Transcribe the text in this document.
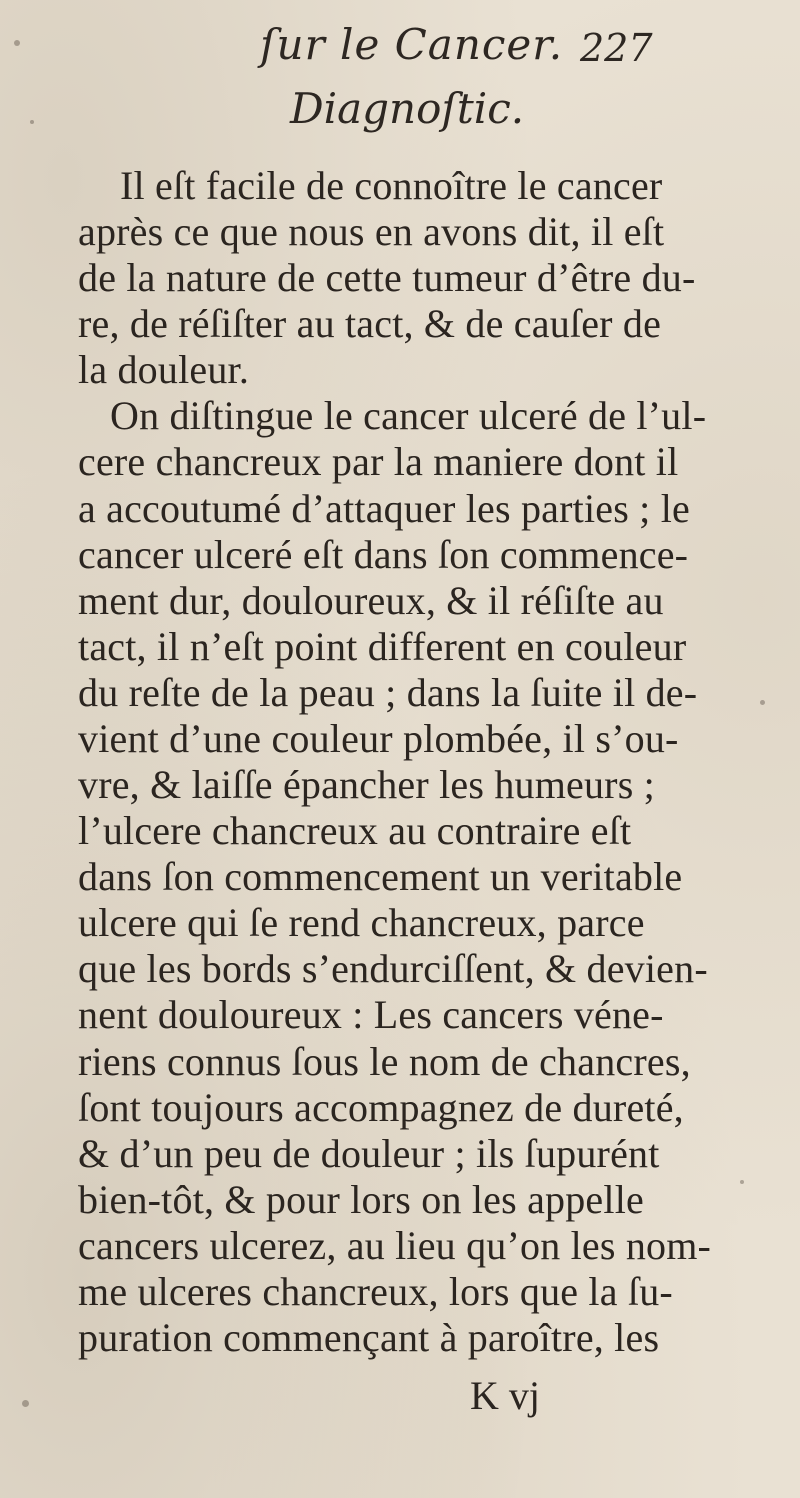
ſur le Cancer. 227
Diagnoſtic.
Il eſt facile de connoître le cancer
après ce que nous en avons dit, il eſt
de la nature de cette tumeur d’être du-
re, de réſiſter au tact, & de cauſer de
la douleur.
On diſtingue le cancer ulceré de l’ul-
cere chancreux par la maniere dont il
a accoutumé d’attaquer les parties ; le
cancer ulceré eſt dans ſon commence-
ment dur, douloureux, & il réſiſte au
tact, il n’eſt point different en couleur
du reſte de la peau ; dans la ſuite il de-
vient d’une couleur plombée, il s’ou-
vre, & laiſſe épancher les humeurs ;
l’ulcere chancreux au contraire eſt
dans ſon commencement un veritable
ulcere qui ſe rend chancreux, parce
que les bords s’endurciſſent, & devien-
nent douloureux : Les cancers véne-
riens connus ſous le nom de chancres,
ſont toujours accompagnez de dureté,
& d’un peu de douleur ; ils ſupurént
bien-tôt, & pour lors on les appelle
cancers ulcerez, au lieu qu’on les nom-
me ulceres chancreux, lors que la ſu-
puration commençant à paroître, les
K vj
